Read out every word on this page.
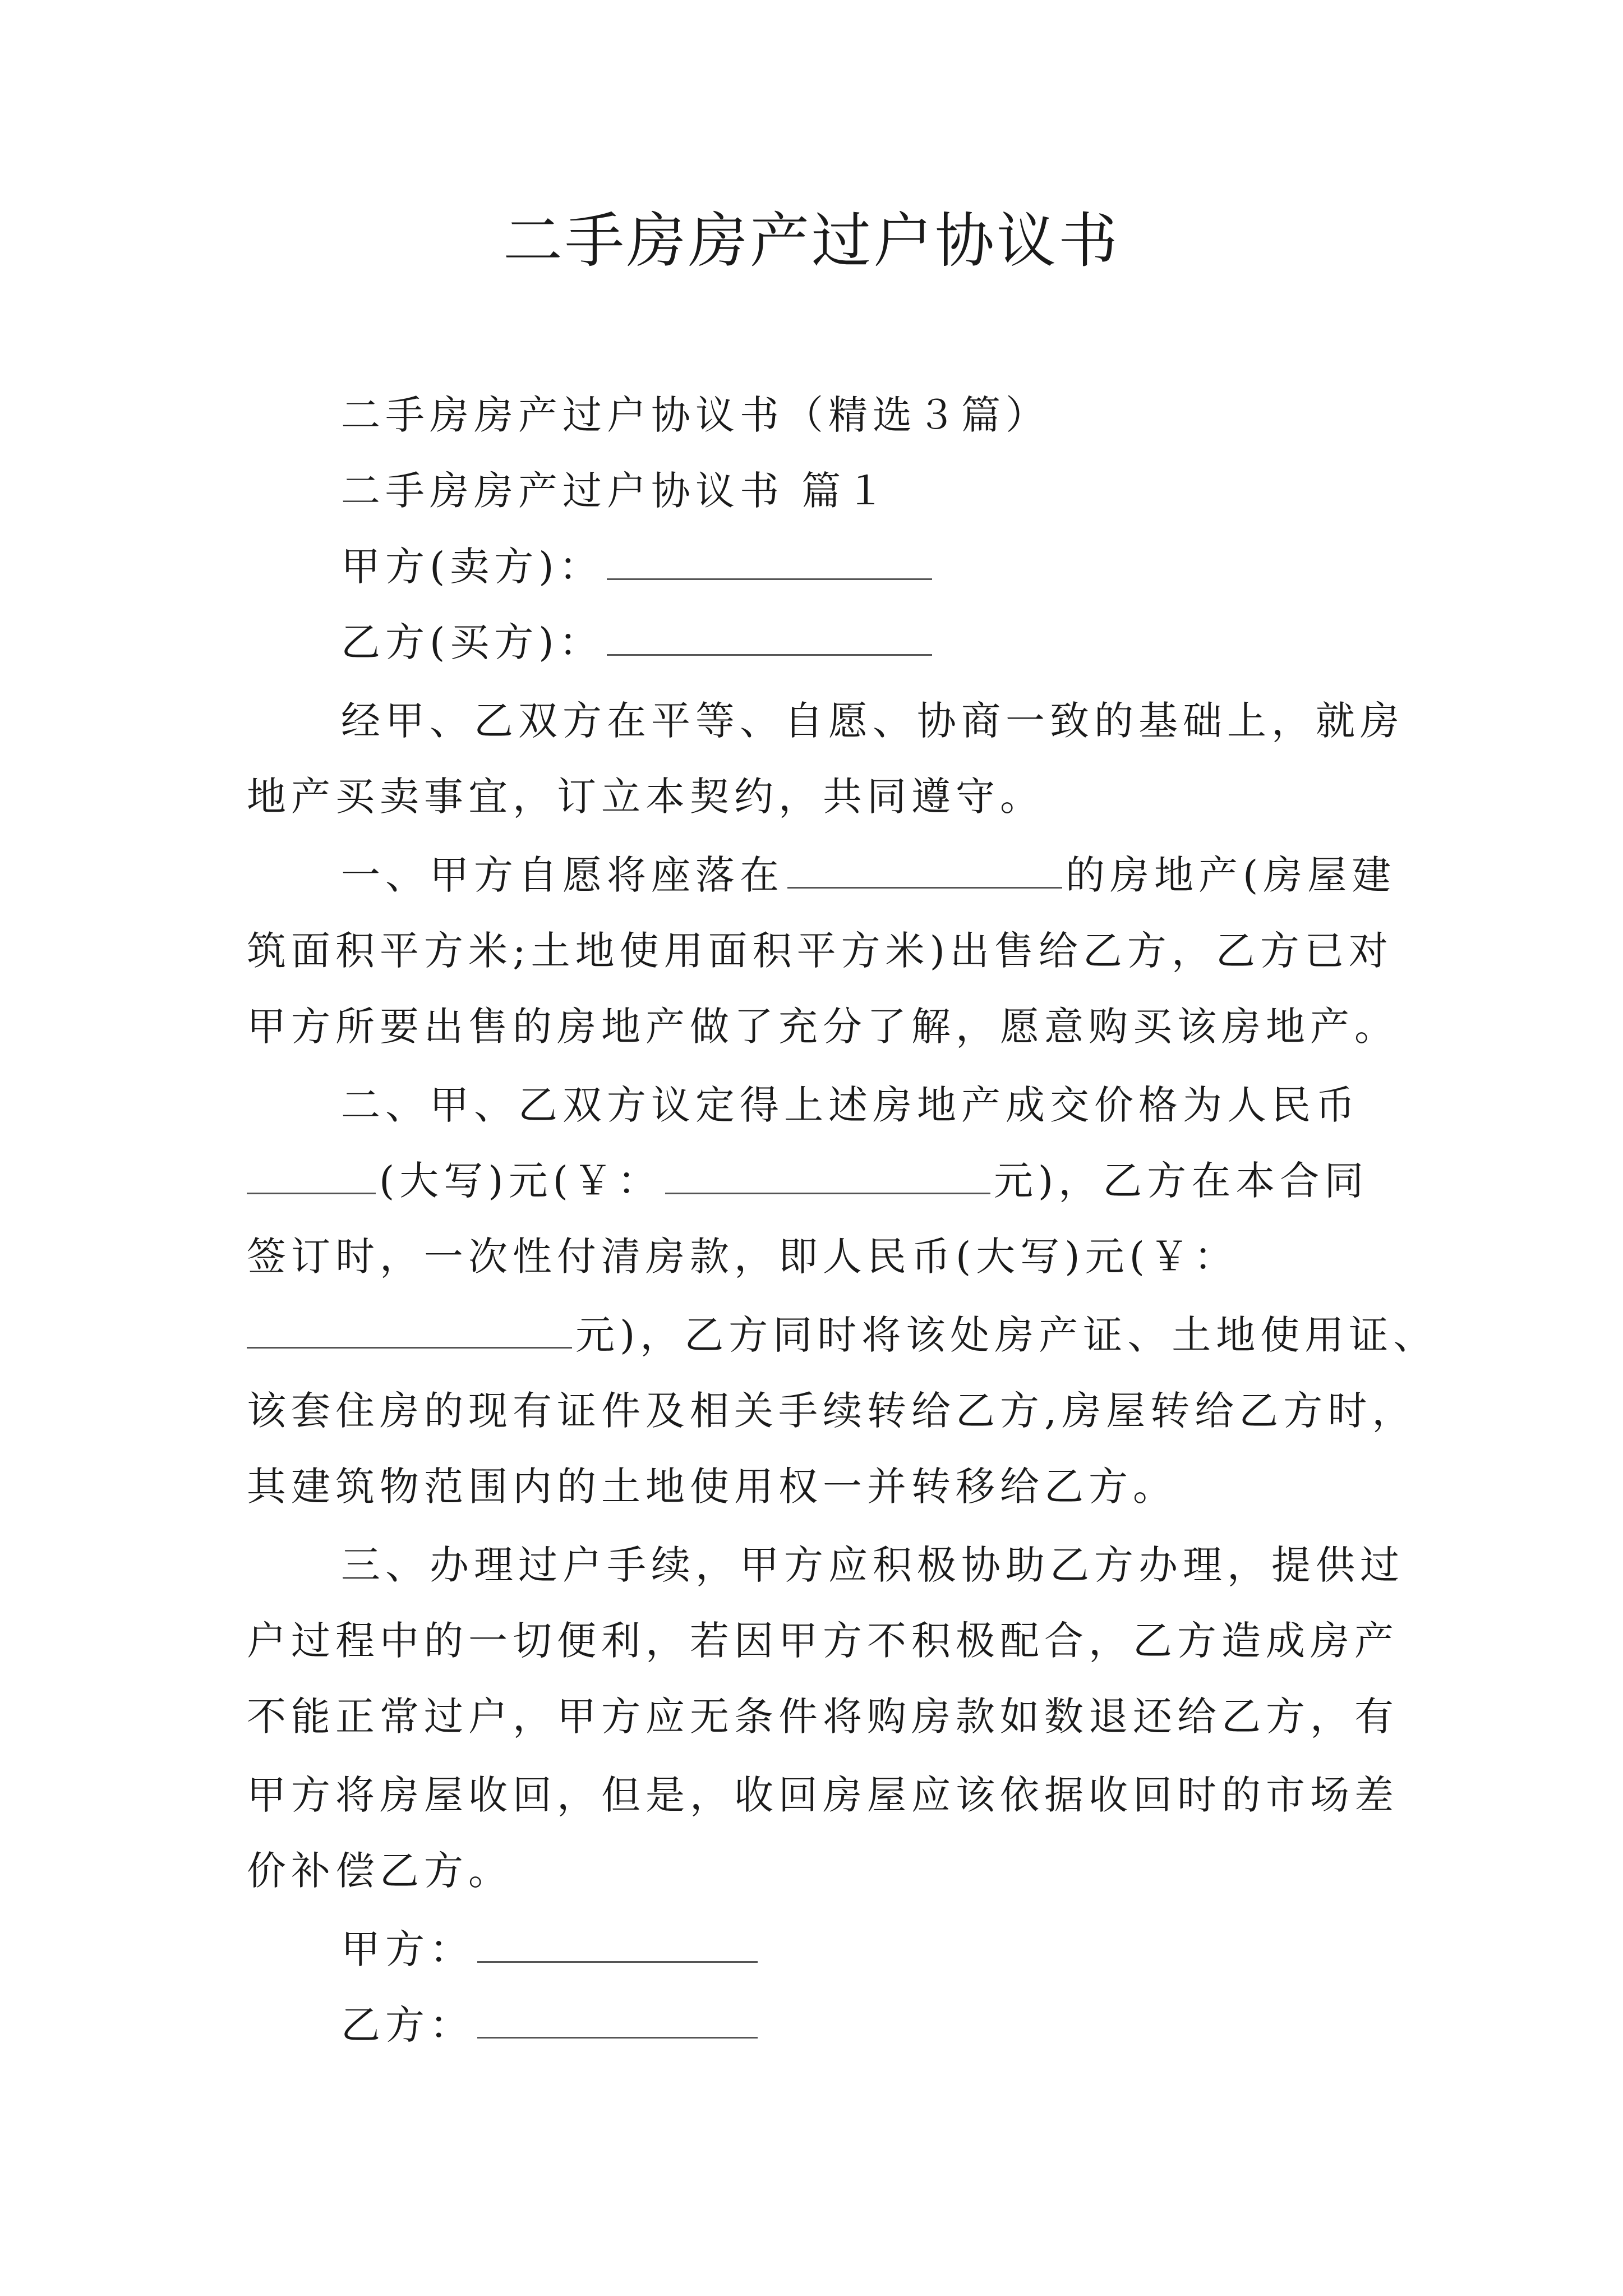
二手房房产过户协议书
二手房房产过户协议书（精选３篇）
二手房房产过户协议书 篇１
甲方(卖方)：
乙方(买方)：
经甲、乙双方在平等、自愿、协商一致的基础上，就房
地产买卖事宜，订立本契约，共同遵守。
一、甲方自愿将座落在	的房地产(房屋建
筑面积平方米;土地使用面积平方米)出售给乙方，乙方已对
甲方所要出售的房地产做了充分了解，愿意购买该房地产。
二、甲、乙双方议定得上述房地产成交价格为人民币
(大写)元(￥：	元)，乙方在本合同
签订时，一次性付清房款，即人民币(大写)元(￥：
元)，乙方同时将该处房产证、土地使用证、
该套住房的现有证件及相关手续转给乙方,房屋转给乙方时，
其建筑物范围内的土地使用权一并转移给乙方。
三、办理过户手续，甲方应积极协助乙方办理，提供过
户过程中的一切便利，若因甲方不积极配合，乙方造成房产
不能正常过户，甲方应无条件将购房款如数退还给乙方，有
甲方将房屋收回，但是，收回房屋应该依据收回时的市场差
价补偿乙方。
甲方：
乙方：
